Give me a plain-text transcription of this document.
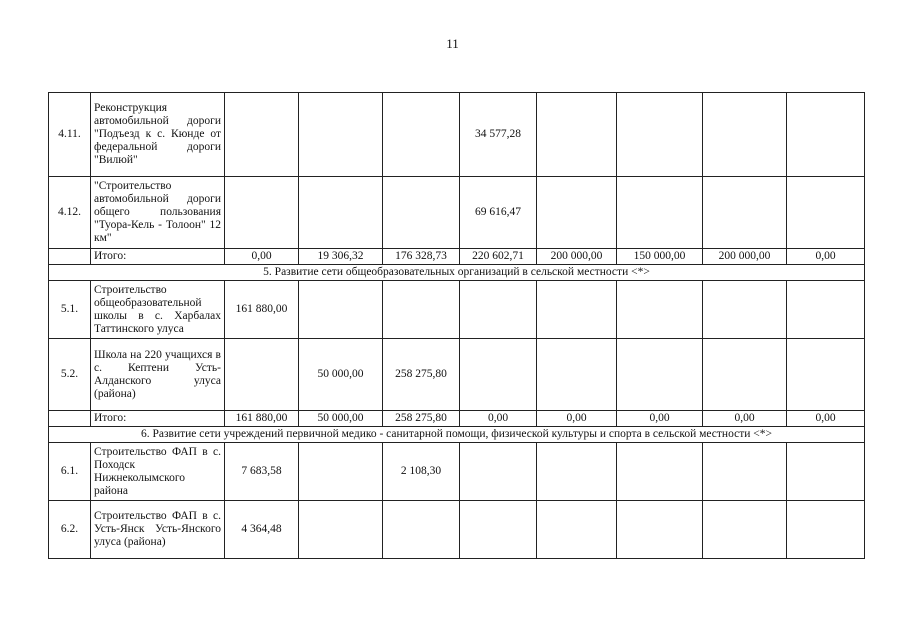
11
4.11.	Реконструкция автомобильной дороги "Подъезд к с. Кюнде от федеральной дороги "Вилюй"				34 577,28				
4.12.	"Строительство автомобильной дороги общего пользования "Туора-Кель - Толоон" 12 км"				69 616,47				
	Итого:	0,00	19 306,32	176 328,73	220 602,71	200 000,00	150 000,00	200 000,00	0,00
5. Развитие сети общеобразовательных организаций в сельской местности <*>									
5.1.	Строительство общеобразовательной школы в с. Харбалах Таттинского улуса	161 880,00							
5.2.	Школа на 220 учащихся в с. Кептени Усть-Алданского улуса (района)		50 000,00	258 275,80					
	Итого:	161 880,00	50 000,00	258 275,80	0,00	0,00	0,00	0,00	0,00
6. Развитие сети учреждений первичной медико - санитарной помощи, физической культуры и спорта в сельской местности <*>									
6.1.	Строительство ФАП в с. Походск Нижнеколымского района	7 683,58		2 108,30					
6.2.	Строительство ФАП в с. Усть-Янск Усть-Янского улуса (района)	4 364,48							
